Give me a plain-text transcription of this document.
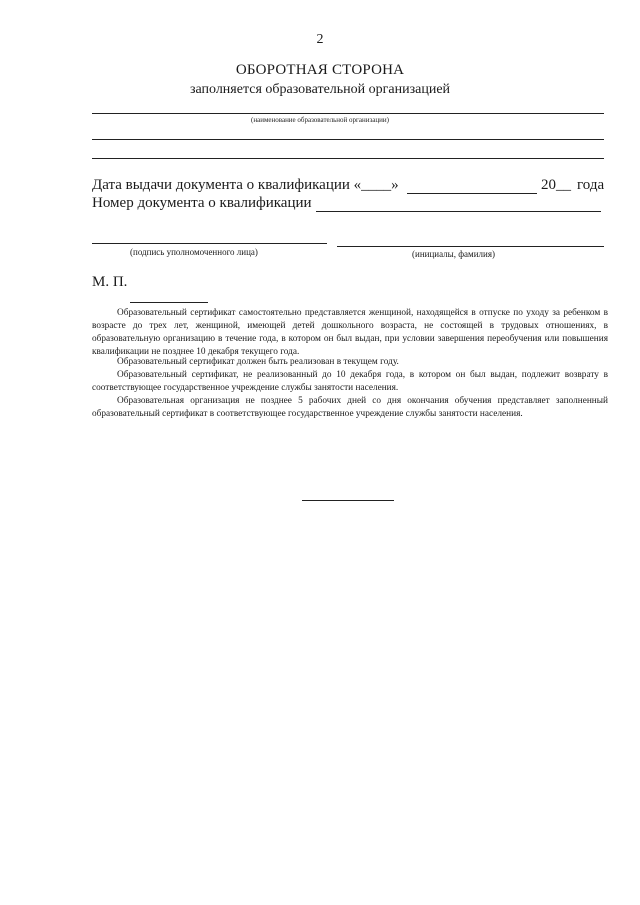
2
ОБОРОТНАЯ СТОРОНА
заполняется образовательной организацией
(наименование образовательной организации)
Дата выдачи документа о квалификации «____»	20__ года
Номер документа о квалификации
(подпись уполномоченного лица)	(инициалы, фамилия)
М. П.
Образовательный сертификат самостоятельно представляется женщиной, находящейся в отпуске по уходу за ребенком в возрасте до трех лет, женщиной, имеющей детей дошкольного возраста, не состоящей в трудовых отношениях, в образовательную организацию в течение года, в котором он был выдан, при условии завершения переобучения или повышения квалификации не позднее 10 декабря текущего года.
Образовательный сертификат должен быть реализован в текущем году.
Образовательный сертификат, не реализованный до 10 декабря года, в котором он был выдан, подлежит возврату в соответствующее государственное учреждение службы занятости населения.
Образовательная организация не позднее 5 рабочих дней со дня окончания обучения представляет заполненный образовательный сертификат в соответствующее государственное учреждение службы занятости населения.
